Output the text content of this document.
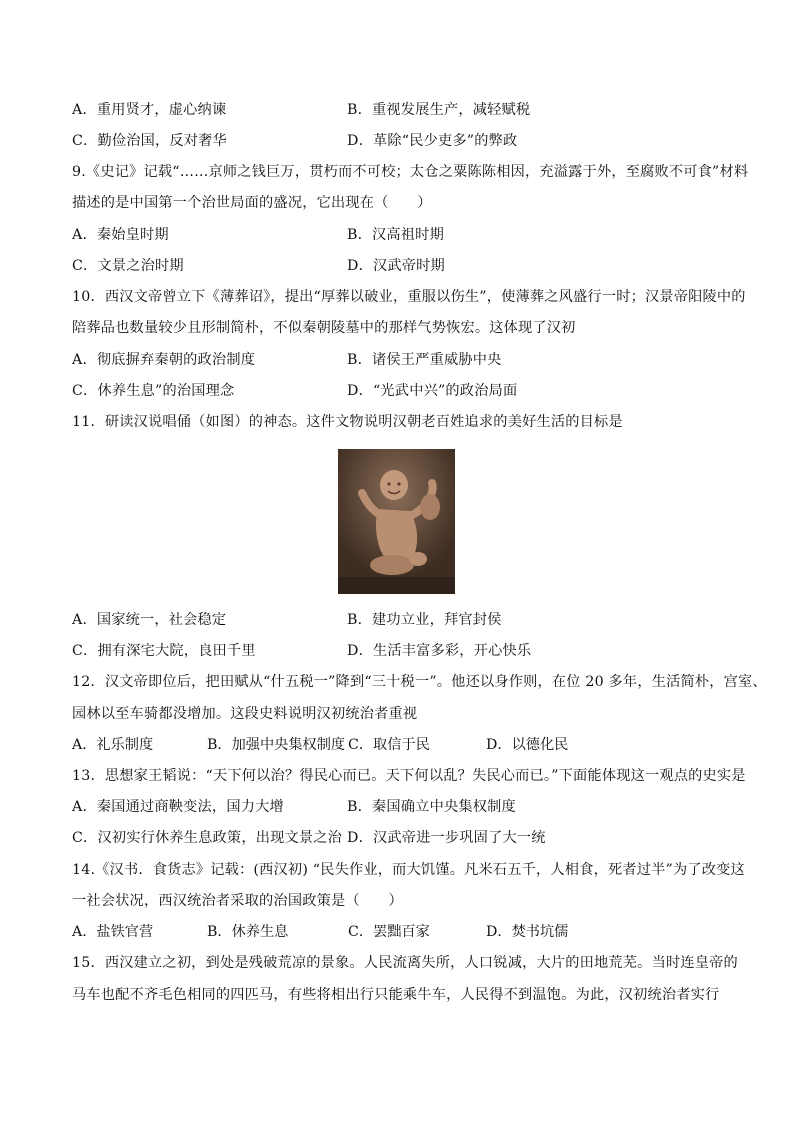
A．重用贤才，虚心纳谏	B．重视发展生产，减轻赋税
C．勤俭治国，反对奢华	D．革除“民少吏多”的弊政
9.《史记》记载“……京师之钱巨万，贯朽而不可校；太仓之粟陈陈相因，充溢露于外，至腐败不可食”材料
描述的是中国第一个治世局面的盛况，它出现在（　　）
A．秦始皇时期	B．汉高祖时期
C．文景之治时期	D．汉武帝时期
10．西汉文帝曾立下《薄葬诏》，提出“厚葬以破业，重服以伤生”，使薄葬之风盛行一时；汉景帝阳陵中的
陪葬品也数量较少且形制简朴，不似秦朝陵墓中的那样气势恢宏。这体现了汉初
A．彻底摒弃秦朝的政治制度	B．诸侯王严重威胁中央
C．休养生息”的治国理念	D．“光武中兴”的政治局面
11．研读汉说唱俑（如图）的神态。这件文物说明汉朝老百姓追求的美好生活的目标是
A．国家统一，社会稳定	B．建功立业，拜官封侯
C．拥有深宅大院，良田千里	D．生活丰富多彩，开心快乐
12．汉文帝即位后，把田赋从“什五税一”降到“三十税一”。他还以身作则，在位 20 多年，生活简朴，宫室、
园林以至车骑都没增加。这段史料说明汉初统治者重视
A．礼乐制度	B．加强中央集权制度 C．取信于民	D．以德化民
13．思想家王韬说：“天下何以治？得民心而已。天下何以乱？失民心而已。”下面能体现这一观点的史实是
A．秦国通过商鞅变法，国力大增	B．秦国确立中央集权制度
C．汉初实行休养生息政策，出现文景之治 D．汉武帝进一步巩固了大一统
14.《汉书．食货志》记载：(西汉初) “民失作业，而大饥馑。凡米石五千，人相食，死者过半”为了改变这
一社会状况，西汉统治者采取的治国政策是（　　）
A．盐铁官营	B．休养生息	C．罢黜百家	D．焚书坑儒
15．西汉建立之初，到处是残破荒凉的景象。人民流离失所，人口锐减，大片的田地荒芜。当时连皇帝的
马车也配不齐毛色相同的四匹马，有些将相出行只能乘牛车，人民得不到温饱。为此，汉初统治者实行
